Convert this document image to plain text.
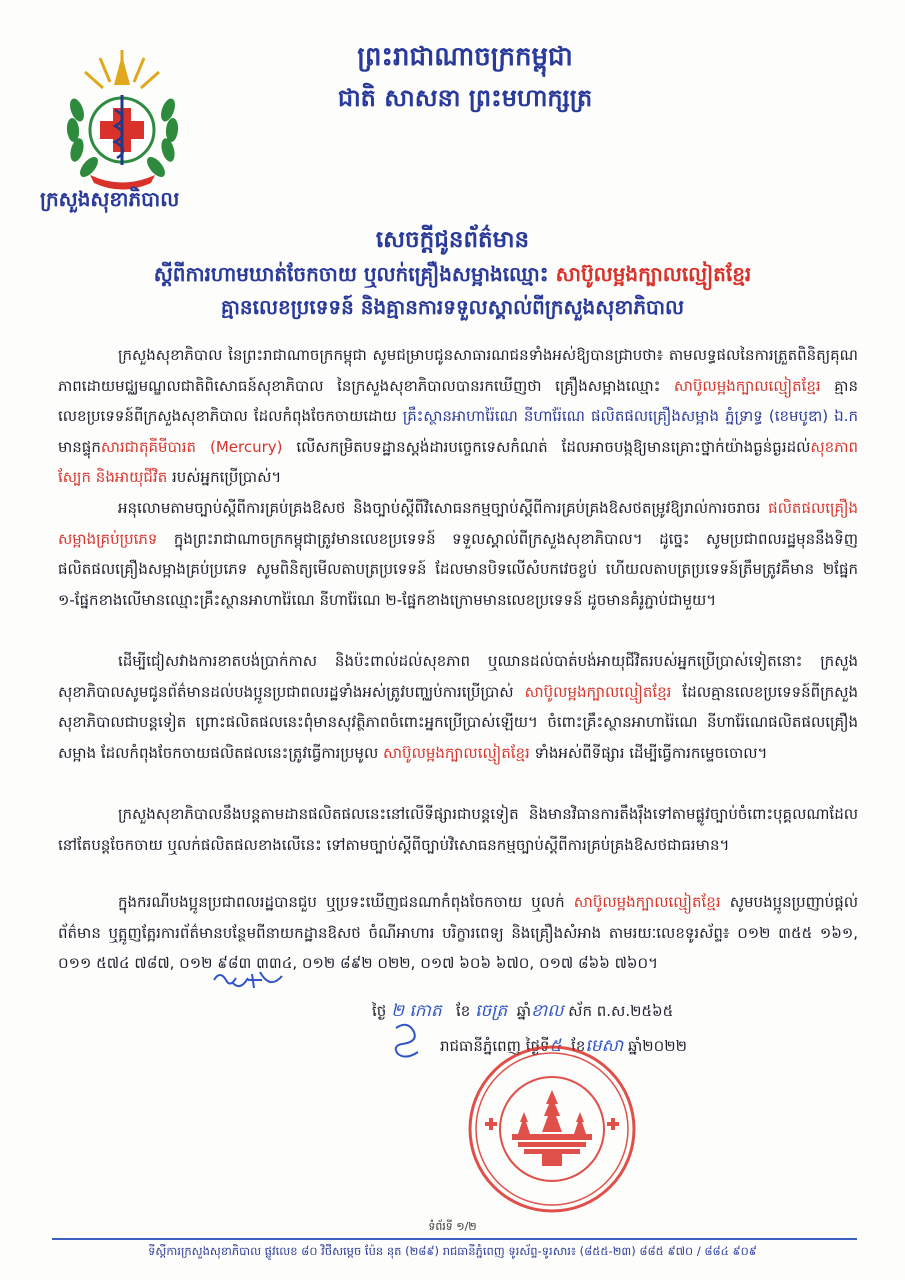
ក្រសួងសុខាភិបាល
ព្រះរាជាណាចក្រកម្ពុជា
ជាតិ សាសនា ព្រះមហាក្សត្រ
សេចក្តីជូនព័ត៌មាន
ស្តីពីការហាមឃាត់ចែកចាយ ឬលក់គ្រឿងសម្អាងឈ្មោះ សាប៊ូលម្អងក្បាលល្មៀតខ្មែរ
គ្មានលេខប្រទេទន៍ និងគ្មានការទទួលស្គាល់ពីក្រសួងសុខាភិបាល

ក្រសួងសុខាភិបាល នៃព្រះរាជាណាចក្រកម្ពុជា សូមជម្រាបជូនសាធារណជនទាំងអស់ឱ្យបានជ្រាបថា៖ តាមលទ្ធផលនៃការត្រួតពិនិត្យគុណភាពដោយមជ្ឈមណ្ឌលជាតិពិសោធន៍សុខាភិបាល នៃក្រសួងសុខាភិបាលបានរកឃើញថា គ្រឿងសម្អាងឈ្មោះ សាប៊ូលម្អងក្បាលល្មៀតខ្មែរ គ្មានលេខប្រទេទន៍ពីក្រសួងសុខាភិបាល ដែលកំពុងចែកចាយដោយ គ្រឹះស្ថានអាហារ៉ៃណេ នីហារ៉ែណេ ផលិតផលគ្រឿងសម្អាង ភ្នំទ្រាទ្ធ (ខេមបូឌា) ឯ.ក មានផ្ទុកសារជាតុគីមីបារត (Mercury) លើសកម្រិតបទដ្ឋានស្តង់ដារបច្ចេកទេសកំណត់ ដែលអាចបង្កឱ្យមានគ្រោះថ្នាក់យ៉ាងធ្ងន់ធ្ងរដល់សុខភាពស្បែក និងអាយុជីវិត របស់អ្នកប្រើប្រាស់។

អនុលោមតាមច្បាប់ស្តីពីការគ្រប់គ្រងឱសថ និងច្បាប់ស្តីពីវិសោធនកម្មច្បាប់ស្តីពីការគ្រប់គ្រងឱសថតម្រូវឱ្យរាល់ការចរាចរ ផលិតផលគ្រឿងសម្អាងគ្រប់ប្រភេទ ក្នុងព្រះរាជាណាចក្រកម្ពុជាត្រូវមានលេខប្រទេទន៍ ទទួលស្គាល់ពីក្រសួងសុខាភិបាល។ ដូច្នេះ សូមប្រជាពលរដ្ឋមុននឹងទិញផលិតផលគ្រឿងសម្អាងគ្រប់ប្រភេទ សូមពិនិត្យមើលតាបត្រប្រទេទន៍ ដែលមានបិទលើសំបកវេចខ្ចប់ ហើយលតាបត្រប្រទេទន៍ត្រឹមត្រូវគឺមាន ២ផ្នែក ១-ផ្នែកខាងលើមានឈ្មោះគ្រឹះស្ថានអាហារ៉ៃណេ នីហារ៉ែណេ ២-ផ្នែកខាងក្រោមមានលេខប្រទេទន៍ ដូចមានគំរូភ្ជាប់ជាមួយ។

ដើម្បីជៀសវាងការខាតបង់ប្រាក់កាស និងប៉ះពាល់ដល់សុខភាព ឬឈានដល់បាត់បង់អាយុជីវិតរបស់អ្នកប្រើប្រាស់ទៀតនោះ ក្រសួងសុខាភិបាលសូមជូនព័ត៌មានដល់បងប្អូនប្រជាពលរដ្ឋទាំងអស់ត្រូវបញ្ឈប់ការប្រើប្រាស់ សាប៊ូលម្អងក្បាលល្មៀតខ្មែរ ដែលគ្មានលេខប្រទេទន៍ពីក្រសួងសុខាភិបាលជាបន្តទៀត ព្រោះផលិតផលនេះពុំមានសុវត្ថិភាពចំពោះអ្នកប្រើប្រាស់ឡើយ។ ចំពោះគ្រឹះស្ថានអាហារ៉ៃណេ នីហារ៉ែណេផលិតផលគ្រឿងសម្អាង ដែលកំពុងចែកចាយផលិតផលនេះត្រូវធ្វើការប្រមូល សាប៊ូលម្អងក្បាលល្មៀតខ្មែរ ទាំងអស់ពីទីផ្សារ ដើម្បីធ្វើការកម្ទេចចោល។

ក្រសួងសុខាភិបាលនឹងបន្តតាមដានផលិតផលនេះនៅលើទីផ្សារជាបន្តទៀត និងមានវិធានការតឹងរ៉ឹងទៅតាមផ្លូវច្បាប់ចំពោះបុគ្គលណាដែលនៅតែបន្តចែកចាយ ឬលក់ផលិតផលខាងលើនេះ ទៅតាមច្បាប់ស្តីពីច្បាប់វិសោធនកម្មច្បាប់ស្តីពីការគ្រប់គ្រងឱសថជាធរមាន។

ក្នុងករណីបងប្អូនប្រជាពលរដ្ឋបានជួប ឬប្រទះឃើញជនណាកំពុងចែកចាយ ឬលក់ សាប៊ូលម្អងក្បាលល្មៀតខ្មែរ សូមបងប្អូនប្រញាប់ផ្តល់ព័ត៌មាន ឬត្អូញត្អែរការព័ត៌មានបន្ថែមពីនាយកដ្ឋានឱសថ ចំណីអាហារ បរិក្ខារពេទ្យ និងគ្រឿងសំអាង តាមរយៈលេខទូរស័ព្ទ៖ ០១២ ៣៥៥ ១៦១, ០១១ ៥៧៤ ៧៨៧, ០១២ ៩៨៣ ៣៣៤, ០១២ ៨៩២ ០២២, ០១៧ ៦០៦ ៦៧០, ០១៧ ៨៦៦ ៧៦០។

ថ្ងៃ ២ កោត ខែ ចេត្រ ឆ្នាំខាល ស័ក ព.ស.២៥៦៥
រាជធានីភ្នំពេញ ថ្ងៃទី៥ ខែមេសា ឆ្នាំ២០២២
ទំព័រទី ១/២
ទីស្តីការក្រសួងសុខាភិបាល ផ្លូវលេខ ៨០ វិថីសម្តេច ប៉ែន នុត (២៨៩) រាជធានីភ្នំពេញ ទូរស័ព្ទ-ទូរសារ៖ (៨៥៥-២៣) ៨៨៥ ៩៧០ / ៨៨៤ ៩០៩
